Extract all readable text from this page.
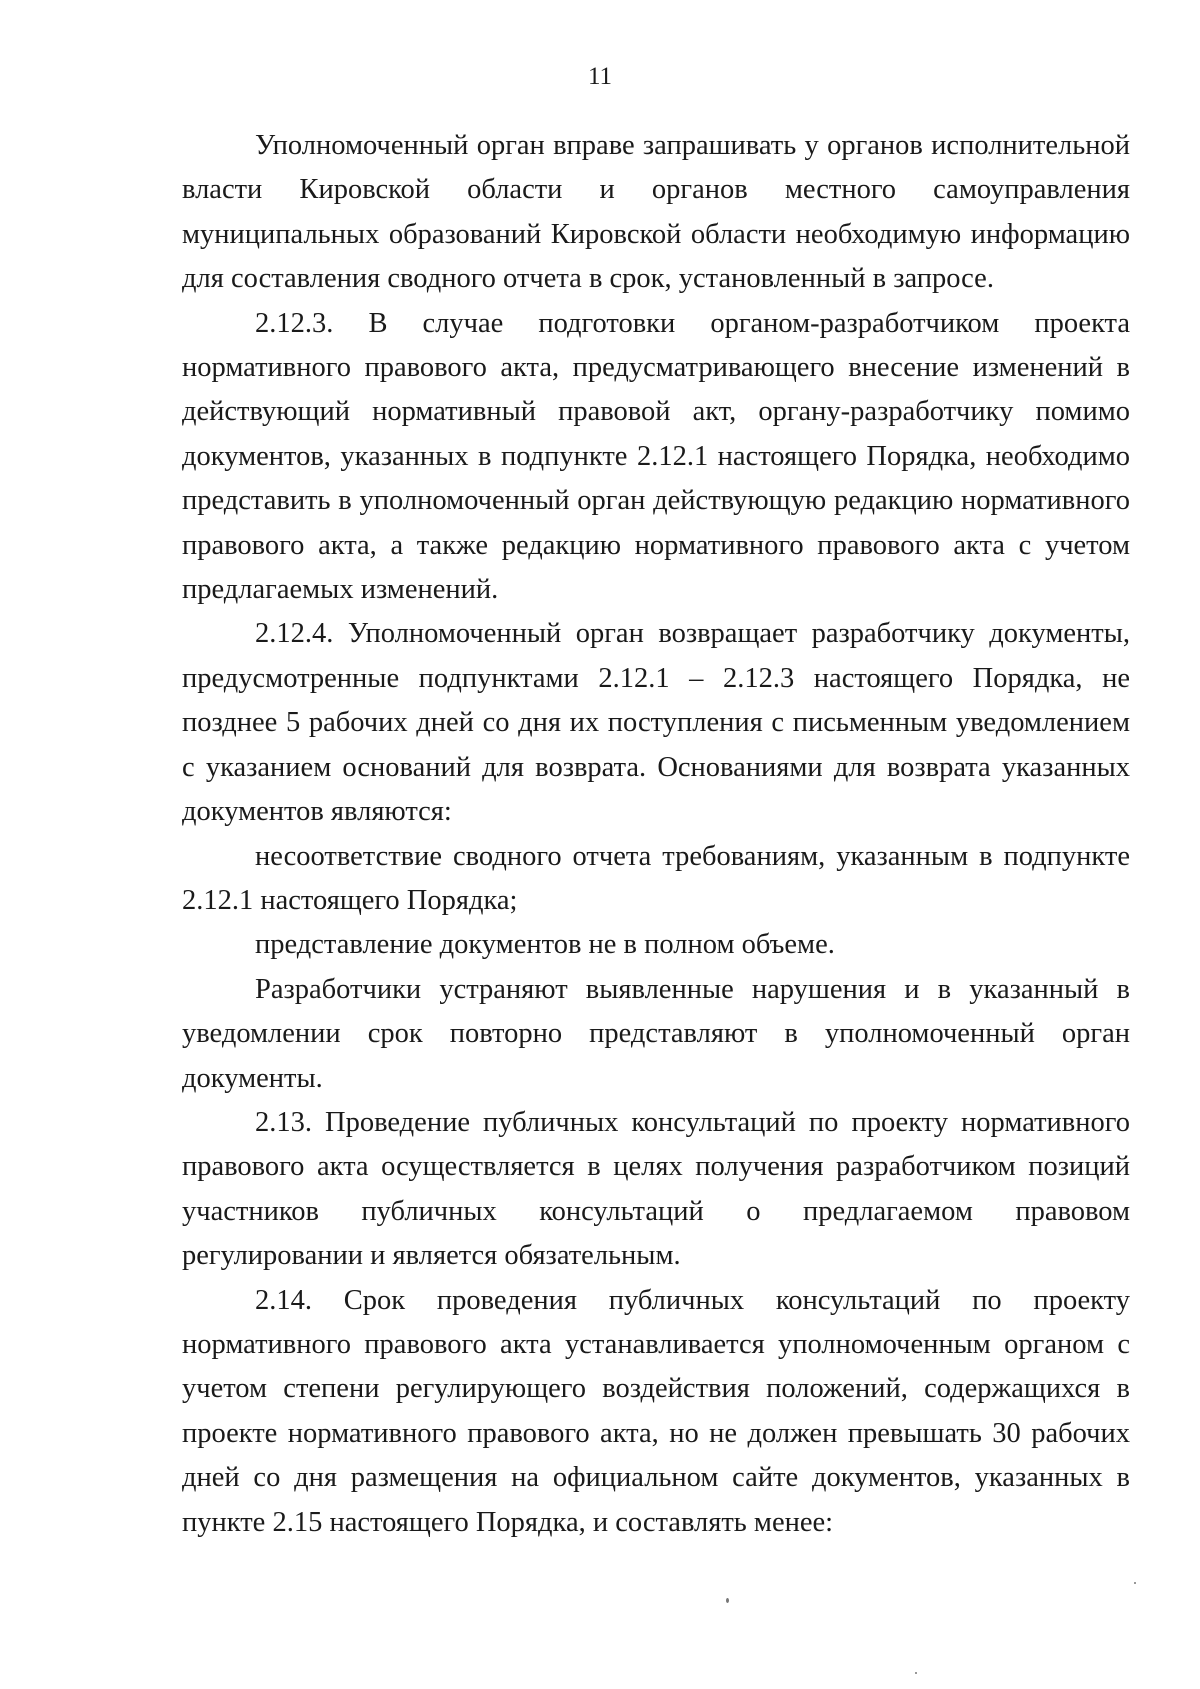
11

Уполномоченный орган вправе запрашивать у органов исполнительной власти Кировской области и органов местного самоуправления муниципальных образований Кировской области необходимую информацию для составления сводного отчета в срок, установленный в запросе.

2.12.3. В случае подготовки органом-разработчиком проекта нормативного правового акта, предусматривающего внесение изменений в действующий нормативный правовой акт, органу-разработчику помимо документов, указанных в подпункте 2.12.1 настоящего Порядка, необходимо представить в уполномоченный орган действующую редакцию нормативного правового акта, а также редакцию нормативного правового акта с учетом предлагаемых изменений.

2.12.4. Уполномоченный орган возвращает разработчику документы, предусмотренные подпунктами 2.12.1 – 2.12.3 настоящего Порядка, не позднее 5 рабочих дней со дня их поступления с письменным уведомлением с указанием оснований для возврата. Основаниями для возврата указанных документов являются:

несоответствие сводного отчета требованиям, указанным в подпункте 2.12.1 настоящего Порядка;

представление документов не в полном объеме.

Разработчики устраняют выявленные нарушения и в указанный в уведомлении срок повторно представляют в уполномоченный орган документы.

2.13. Проведение публичных консультаций по проекту нормативного правового акта осуществляется в целях получения разработчиком позиций участников публичных консультаций о предлагаемом правовом регулировании и является обязательным.

2.14. Срок проведения публичных консультаций по проекту нормативного правового акта устанавливается уполномоченным органом с учетом степени регулирующего воздействия положений, содержащихся в проекте нормативного правового акта, но не должен превышать 30 рабочих дней со дня размещения на официальном сайте документов, указанных в пункте 2.15 настоящего Порядка, и составлять менее:
